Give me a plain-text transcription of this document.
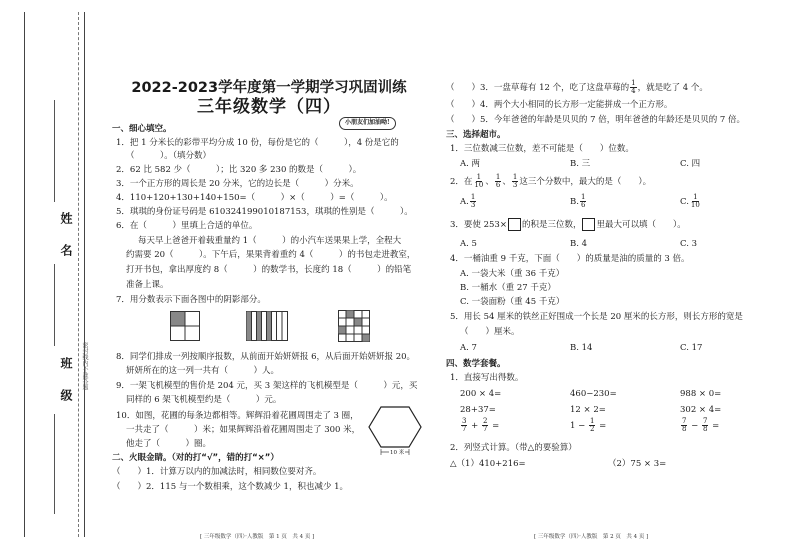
姓 名
班 级	密封线内不准答题
2022-2023学年度第一学期学习巩固训练
三年级数学（四）
小朋友们加油呦!
一、细心填空。
1．把 1 分米长的彩带平均分成 10 份，每份是它的（　　　），4 份是它的
（　　　）。（填分数）
2．62 比 582 少（　　　）；比 320 多 230 的数是（　　　）。
3．一个正方形的周长是 20 分米，它的边长是（　　　）分米。
4．110+120+130+140+150=（　　　）×（　　　）=（　　　）。
5．琪琪的身份证号码是 610324199010187153，琪琪的性别是（　　　）。
6．在（　　　）里填上合适的单位。
每天早上爸爸开着载重量约 1（　　　）的小汽车送果果上学，全程大
约需要 20（　　　）。下午后，果果背着重约 4（　　　）的书包走进教室，
打开书包，拿出厚度约 8（　　　）的数学书，长度约 18（　　　）的铅笔
准备上课。
7．用分数表示下面各图中的阴影部分。
8．同学们排成一列按顺序报数，从前面开始妍妍报 6，从后面开始妍妍报 20。
妍妍所在的这一列一共有（　　　）人。
9．一架飞机模型的售价是 204 元，买 3 架这样的飞机模型是（　　　）元，买
同样的 6 架飞机模型约是（　　　）元。
10．如图，花圃的每条边都相等。辉辉沿着花圃周围走了 3 圈，
一共走了（　　　）米；如果辉辉沿着花圃周围走了 300 米，
他走了（　　　）圈。
10 米
二、火眼金睛。（对的打“√”，错的打“×”）
（　　）1．计算万以内的加减法时，相同数位要对齐。
（　　）2．115 与一个数相乘，这个数减少 1，积也减少 1。
[ 三年级数学（四）·人教版　第 1 页　共 4 页 ]
（　　）3．一盘草莓有 12 个，吃了这盘草莓的 $\frac{1}{4}$ ，就是吃了 4 个。
（　　）4．两个大小相同的长方形一定能拼成一个正方形。
（　　）5．今年爸爸的年龄是贝贝的 7 倍，明年爸爸的年龄还是贝贝的 7 倍。
三、选择超市。
1．三位数减三位数，差不可能是（　　）位数。
A. 两	B. 三	C. 四
2．在 $\frac{1}{10}$ 、 $\frac{1}{6}$ 、 $\frac{1}{3}$ 这三个分数中，最大的是（　　）。
A. $\frac{1}{3}$	B. $\frac{1}{6}$	C. $\frac{1}{10}$
3．要使 253× 的积是三位数， 里最大可以填（　　）。
A. 5	B. 4	C. 3
4．一桶油重 9 千克，下面（　　）的质量是油的质量的 3 倍。
A. 一袋大米（重 36 千克）
B. 一桶水（重 27 千克）
C. 一袋面粉（重 45 千克）
5．用长 54 厘米的铁丝正好围成一个长是 20 厘米的长方形，则长方形的宽是
（　　）厘米。
A. 7	B. 14	C. 17
四、数学套餐。
1．直接写出得数。
200 × 4=	460−230=	988 × 0=
28+37=	12 × 2=	302 × 4=
$\frac{3}{7} + \frac{2}{7}$ =	$1 - \frac{1}{2}$ =	$\frac{7}{8} - \frac{7}{8}$ =
2．列竖式计算。（带△的要验算）
△（1）410+216=	（2）75 × 3=
[ 三年级数学（四）·人教版　第 2 页　共 4 页 ]
